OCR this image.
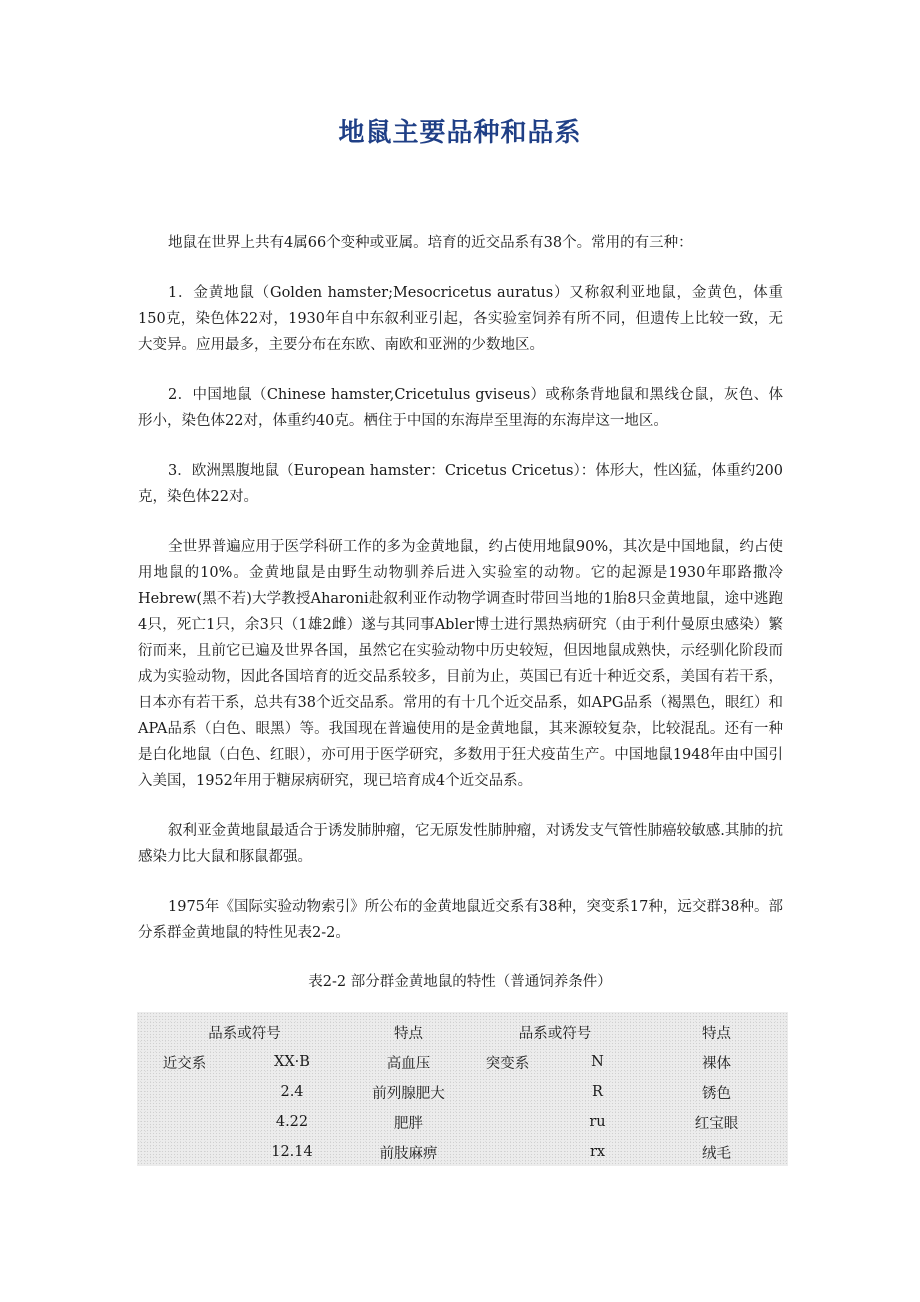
地鼠主要品种和品系

地鼠在世界上共有4属66个变种或亚属。培育的近交品系有38个。常用的有三种：

1．金黄地鼠（Golden hamster;Mesocricetus auratus）又称叙利亚地鼠，金黄色，体重150克，染色体22对，1930年自中东叙利亚引起，各实验室饲养有所不同，但遗传上比较一致，无大变异。应用最多，主要分布在东欧、南欧和亚洲的少数地区。

2．中国地鼠（Chinese hamster,Cricetulus gviseus）或称条背地鼠和黑线仓鼠，灰色、体形小，染色体22对，体重约40克。栖住于中国的东海岸至里海的东海岸这一地区。

3．欧洲黑腹地鼠（European hamster：Cricetus Cricetus）：体形大，性凶猛，体重约200克，染色体22对。

全世界普遍应用于医学科研工作的多为金黄地鼠，约占使用地鼠90%，其次是中国地鼠，约占使用地鼠的10%。金黄地鼠是由野生动物驯养后进入实验室的动物。它的起源是1930年耶路撒冷Hebrew(黑不若)大学教授Aharoni赴叙利亚作动物学调查时带回当地的1胎8只金黄地鼠，途中逃跑4只，死亡1只，余3只（1雄2雌）遂与其同事Abler博士进行黑热病研究（由于利什曼原虫感染）繁衍而来，且前它已遍及世界各国，虽然它在实验动物中历史较短，但因地鼠成熟快，示经驯化阶段而成为实验动物，因此各国培育的近交品系较多，目前为止，英国已有近十种近交系，美国有若干系，日本亦有若干系，总共有38个近交品系。常用的有十几个近交品系，如APG品系（褐黑色，眼红）和APA品系（白色、眼黑）等。我国现在普遍使用的是金黄地鼠，其来源较复杂，比较混乱。还有一种是白化地鼠（白色、红眼），亦可用于医学研究，多数用于狂犬疫苗生产。中国地鼠1948年由中国引入美国，1952年用于糖尿病研究，现已培育成4个近交品系。

叙利亚金黄地鼠最适合于诱发肺肿瘤，它无原发性肺肿瘤，对诱发支气管性肺癌较敏感.其肺的抗感染力比大鼠和豚鼠都强。

1975年《国际实验动物索引》所公布的金黄地鼠近交系有38种，突变系17种，远交群38种。部分系群金黄地鼠的特性见表2-2。

表2-2 部分群金黄地鼠的特性（普通饲养条件）
品系或符号		特点	品系或符号		特点
近交系	XX·B	高血压	突变系	N	裸体
	2.4	前列腺肥大		R	锈色
	4.22	肥胖		ru	红宝眼
	12.14	前肢麻痹		rx	绒毛
